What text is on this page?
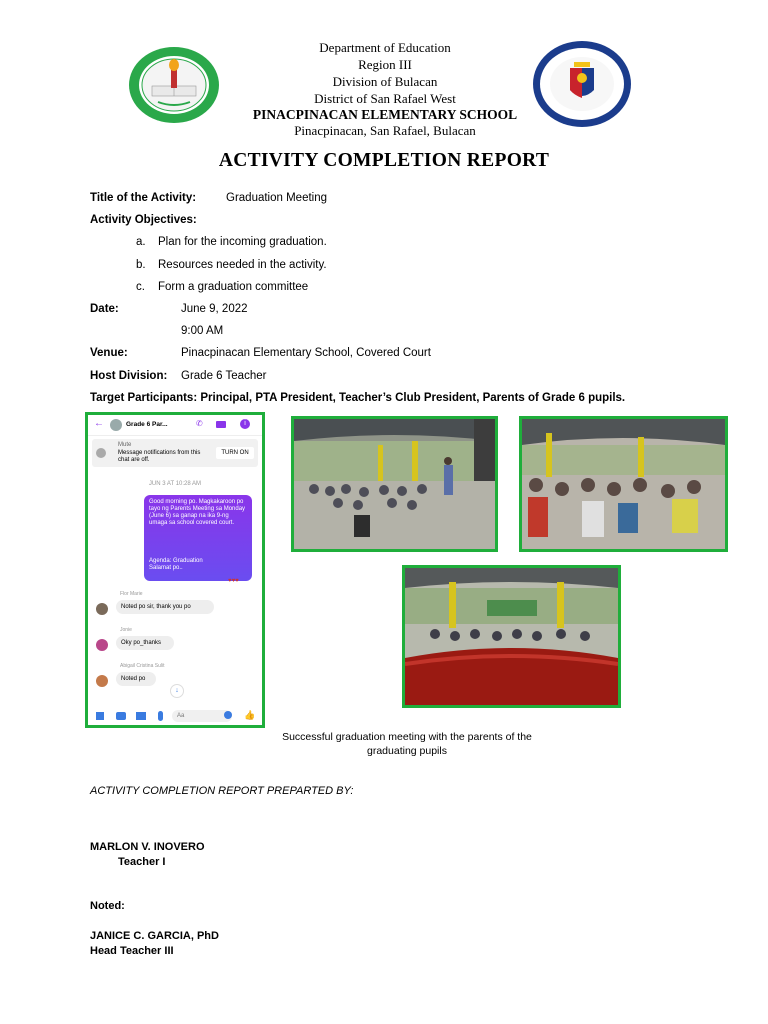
Department of Education
Region III
Division of Bulacan
District of San Rafael West
PINACPINACAN ELEMENTARY SCHOOL
Pinacpinacan, San Rafael, Bulacan
ACTIVITY COMPLETION REPORT
Title of the Activity:	Graduation Meeting
Activity Objectives:
a. Plan for the incoming graduation.
b. Resources needed in the activity.
c. Form a graduation committee
Date:	June 9, 2022
9:00 AM
Venue:	Pinacpinacan Elementary School, Covered Court
Host Division: Grade 6 Teacher
Target Participants: Principal, PTA President, Teacher’s Club President, Parents of Grade 6 pupils.
←	Grade 6 Par...	✆	i
Mute
Message notifications from this chat are off.
TURN ON
JUN 3 AT 10:28 AM
Good morning po. Magkakaroon po tayo ng Parents Meeting sa Monday (June 6) sa ganap na ika 9-ng umaga sa school covered court.
Agenda: Graduation
Salamat po..
♥♥♥
Flor Marie
Noted po sir, thank you po
Jonie
Oky po_thanks
Abigail Cristina Sulit
Noted po
↓
Aa	👍
Successful graduation meeting with the parents of the graduating pupils
ACTIVITY COMPLETION REPORT PREPARTED BY:
MARLON V. INOVERO
Teacher I
Noted:
JANICE C. GARCIA, PhD
Head Teacher III
